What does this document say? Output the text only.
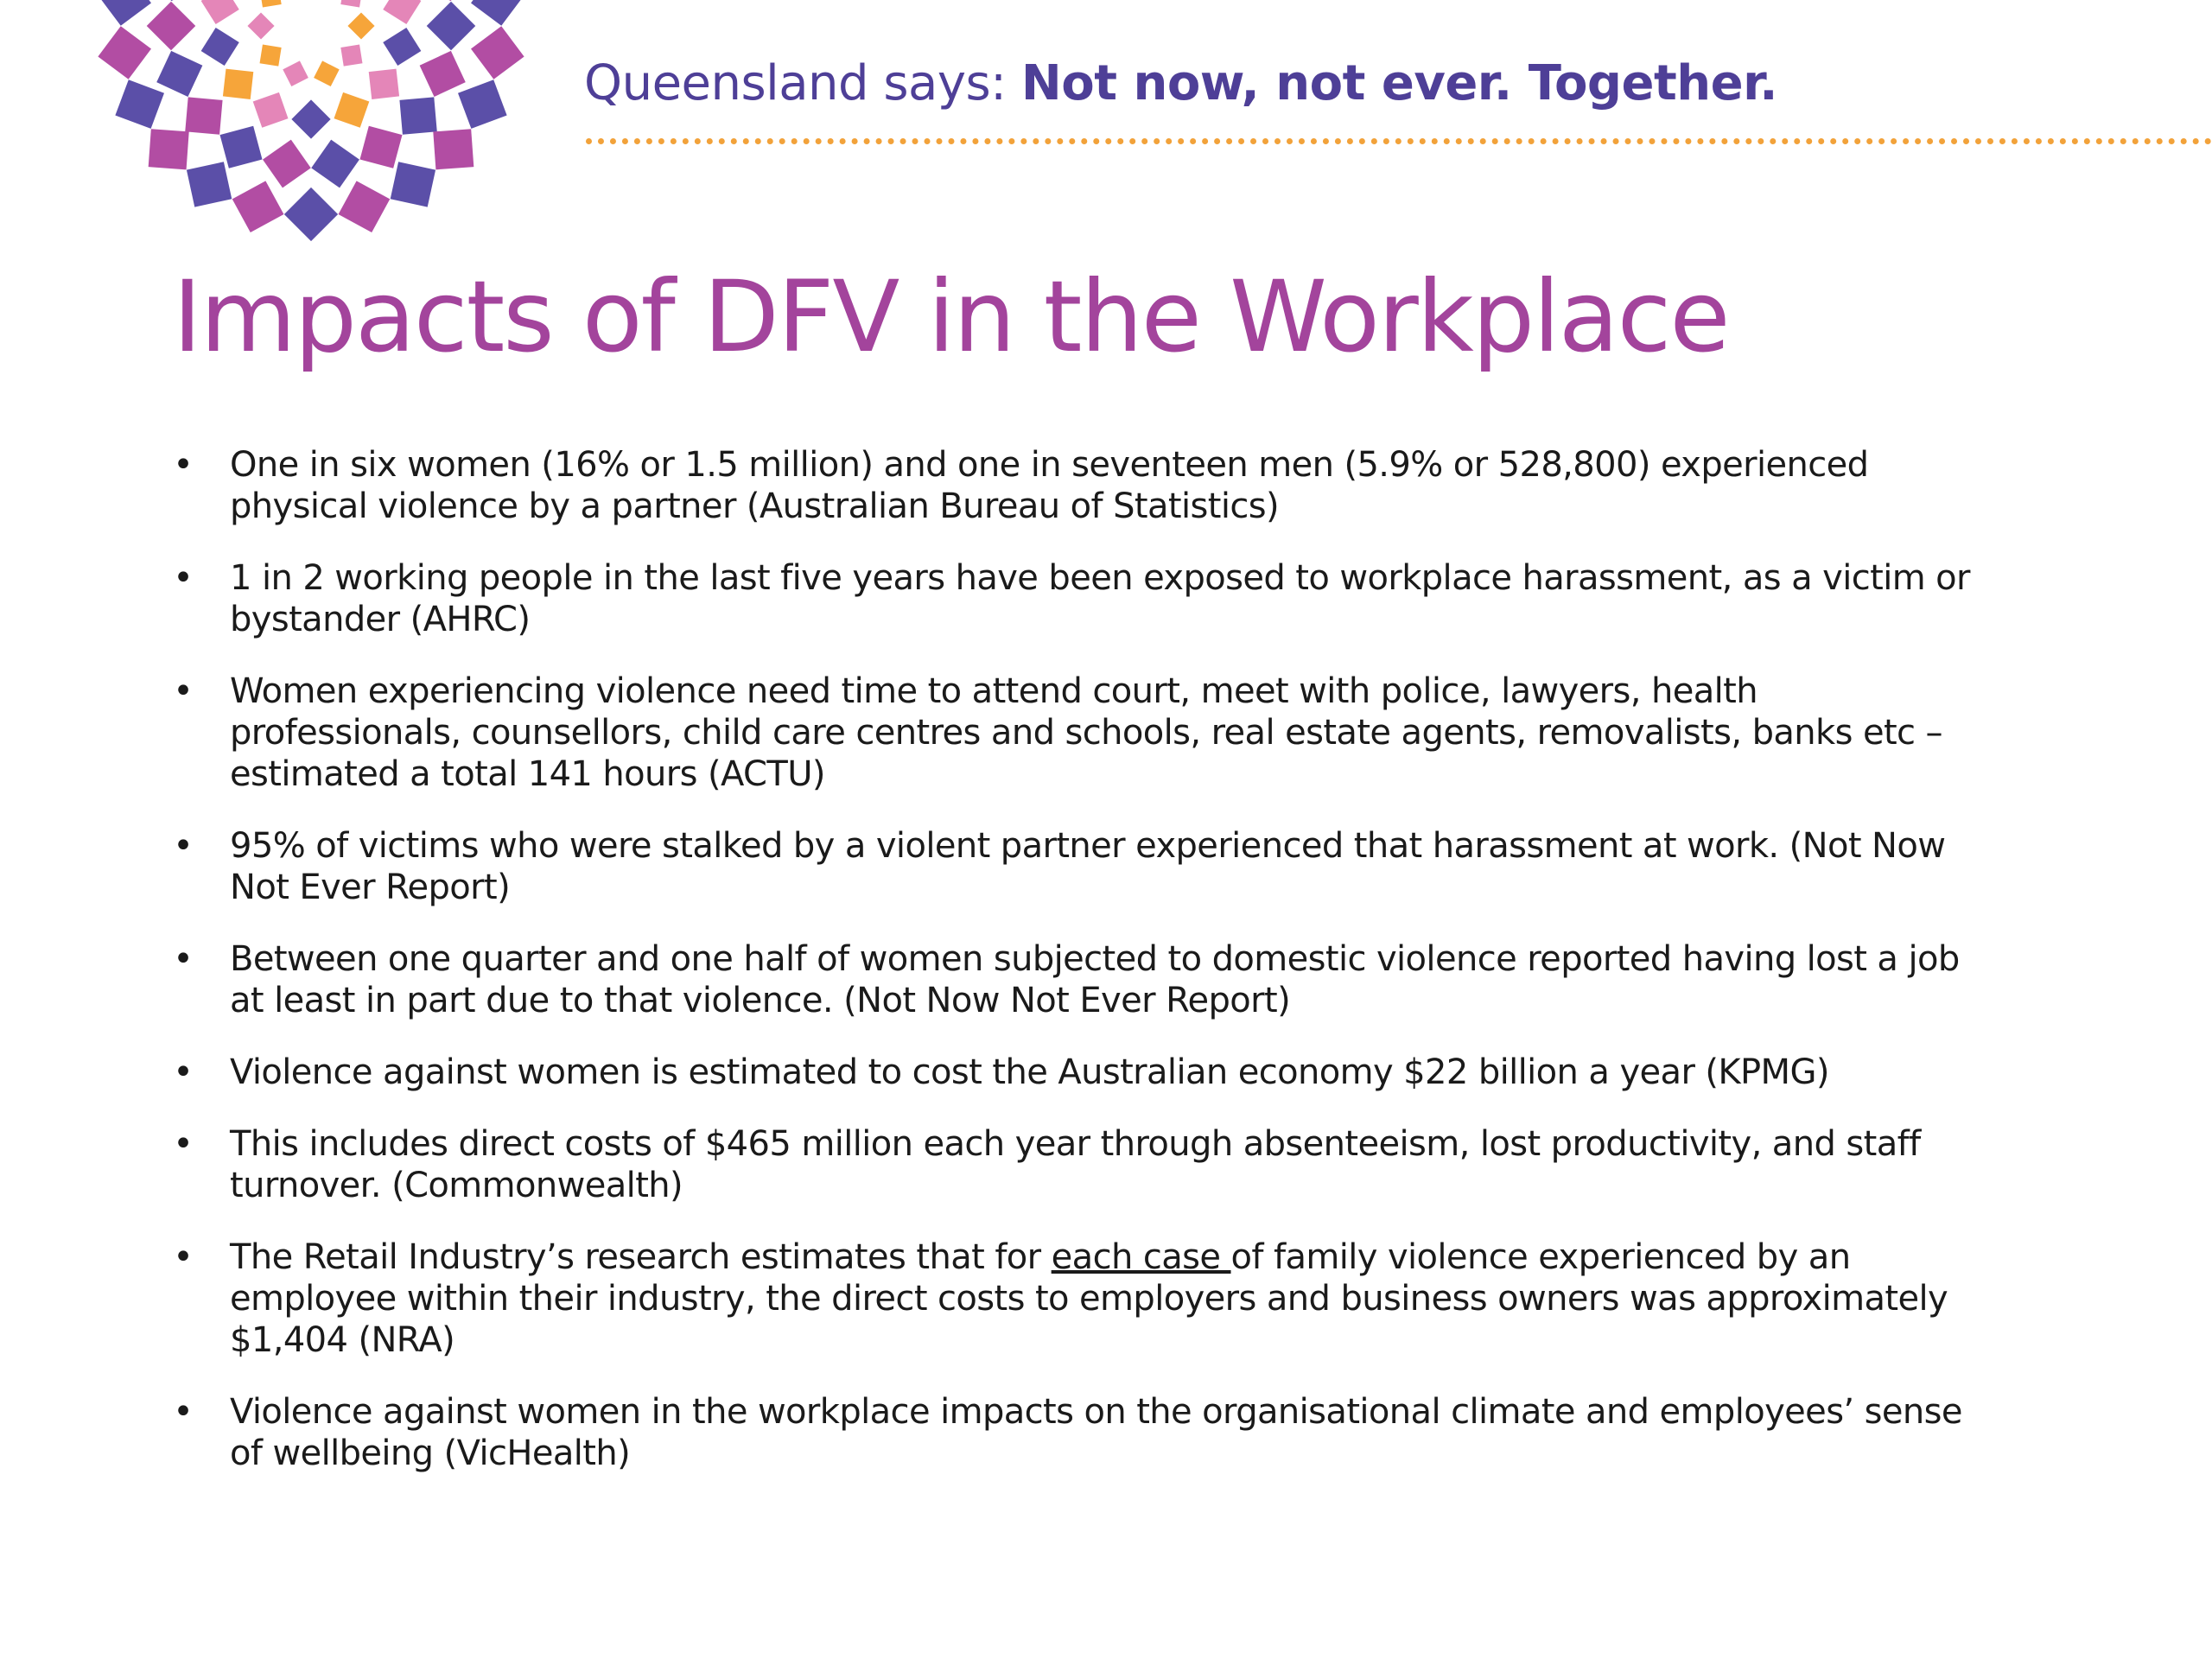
Queensland says: Not now, not ever. Together.
Impacts of DFV in the Workplace
• One in six women (16% or 1.5 million) and one in seventeen men (5.9% or 528,800) experienced
physical violence by a partner (Australian Bureau of Statistics)
• 1 in 2 working people in the last five years have been exposed to workplace harassment, as a victim or
bystander (AHRC)
• Women experiencing violence need time to attend court, meet with police, lawyers, health
professionals, counsellors, child care centres and schools, real estate agents, removalists, banks etc –
estimated a total 141 hours (ACTU)
• 95% of victims who were stalked by a violent partner experienced that harassment at work. (Not Now
Not Ever Report)
• Between one quarter and one half of women subjected to domestic violence reported having lost a job
at least in part due to that violence. (Not Now Not Ever Report)
• Violence against women is estimated to cost the Australian economy $22 billion a year (KPMG)
• This includes direct costs of $465 million each year through absenteeism, lost productivity, and staff
turnover. (Commonwealth)
• The Retail Industry’s research estimates that for each case of family violence experienced by an
employee within their industry, the direct costs to employers and business owners was approximately
$1,404 (NRA)
• Violence against women in the workplace impacts on the organisational climate and employees’ sense
of wellbeing (VicHealth)
